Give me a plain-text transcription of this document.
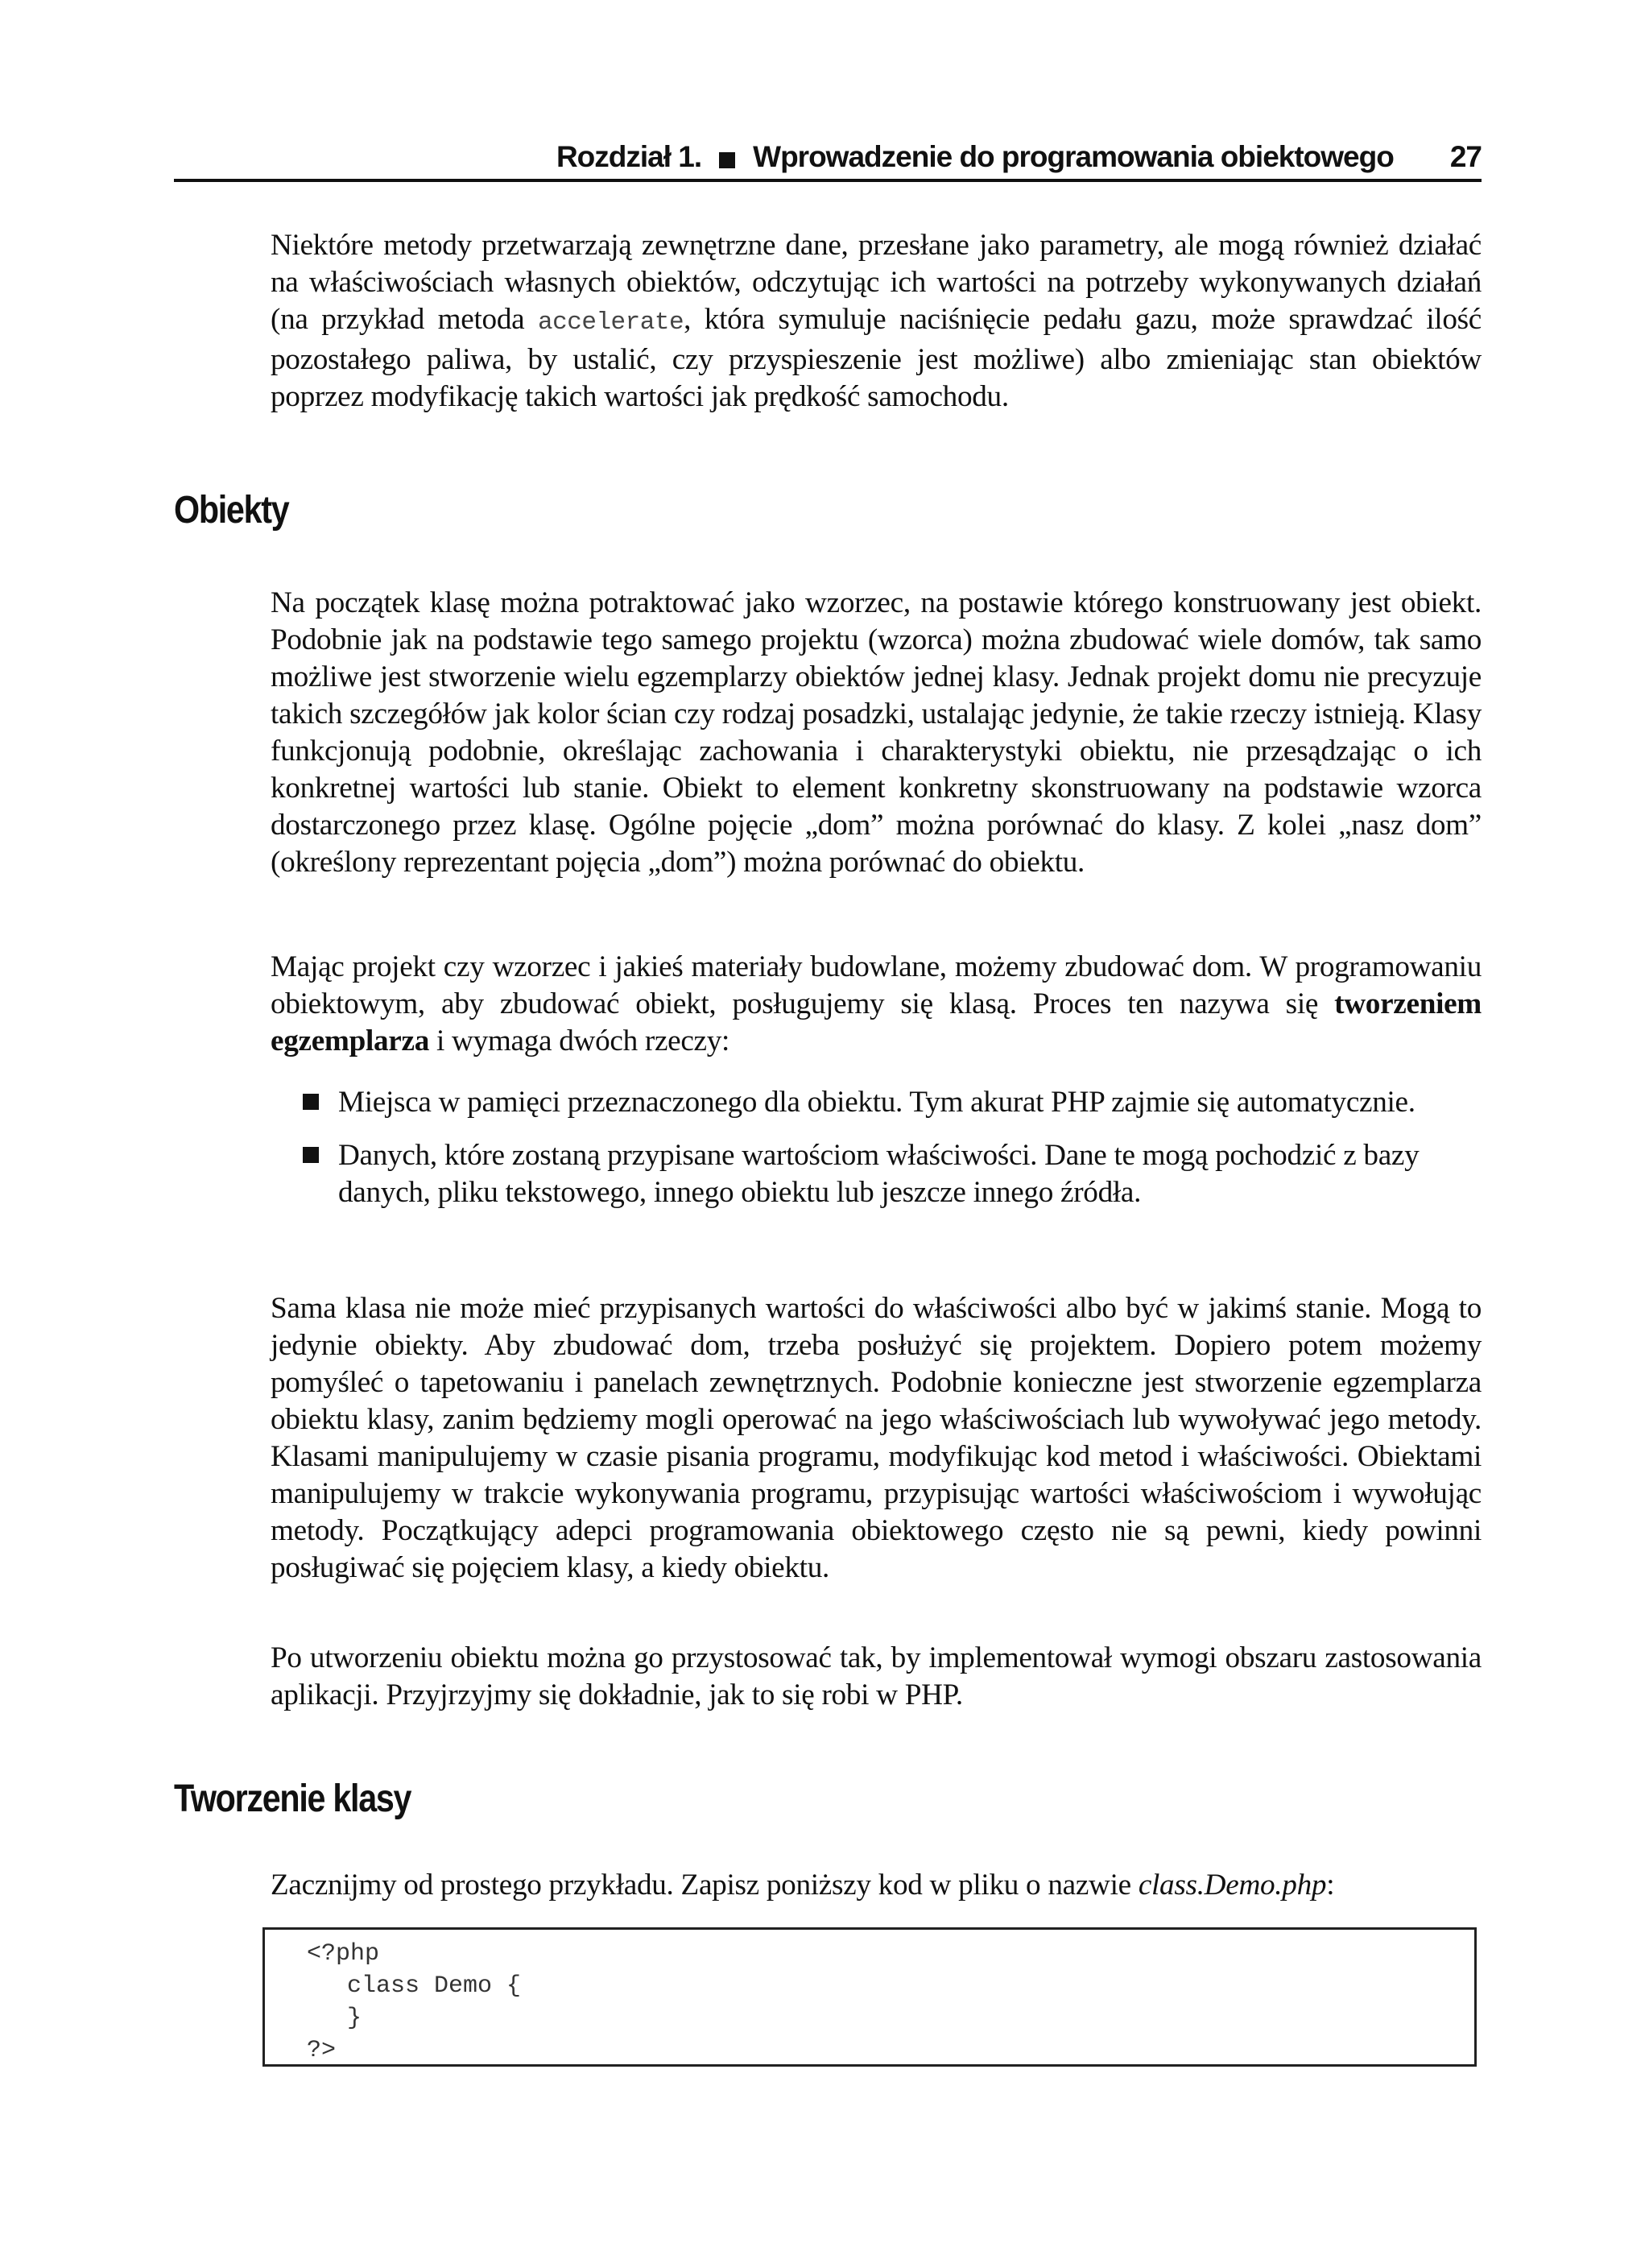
Rozdział 1. Wprowadzenie do programowania obiektowego 27

Niektóre metody przetwarzają zewnętrzne dane, przesłane jako parametry, ale mogą również działać na właściwościach własnych obiektów, odczytując ich wartości na potrzeby wykonywanych działań (na przykład metoda accelerate, która symuluje naciśnięcie pedału gazu, może sprawdzać ilość pozostałego paliwa, by ustalić, czy przyspieszenie jest możliwe) albo zmieniając stan obiektów poprzez modyfikację takich wartości jak prędkość samochodu.

Obiekty

Na początek klasę można potraktować jako wzorzec, na postawie którego konstruowany jest obiekt. Podobnie jak na podstawie tego samego projektu (wzorca) można zbudować wiele domów, tak samo możliwe jest stworzenie wielu egzemplarzy obiektów jednej klasy. Jednak projekt domu nie precyzuje takich szczegółów jak kolor ścian czy rodzaj posadzki, ustalając jedynie, że takie rzeczy istnieją. Klasy funkcjonują podobnie, określając zachowania i charakterystyki obiektu, nie przesądzając o ich konkretnej wartości lub stanie. Obiekt to element konkretny skonstruowany na podstawie wzorca dostarczonego przez klasę. Ogólne pojęcie „dom” można porównać do klasy. Z kolei „nasz dom” (określony reprezentant pojęcia „dom”) można porównać do obiektu.

Mając projekt czy wzorzec i jakieś materiały budowlane, możemy zbudować dom. W programowaniu obiektowym, aby zbudować obiekt, posługujemy się klasą. Proces ten nazywa się tworzeniem egzemplarza i wymaga dwóch rzeczy:

Miejsca w pamięci przeznaczonego dla obiektu. Tym akurat PHP zajmie się automatycznie.
Danych, które zostaną przypisane wartościom właściwości. Dane te mogą pochodzić z bazy danych, pliku tekstowego, innego obiektu lub jeszcze innego źródła.

Sama klasa nie może mieć przypisanych wartości do właściwości albo być w jakimś stanie. Mogą to jedynie obiekty. Aby zbudować dom, trzeba posłużyć się projektem. Dopiero potem możemy pomyśleć o tapetowaniu i panelach zewnętrznych. Podobnie konieczne jest stworzenie egzemplarza obiektu klasy, zanim będziemy mogli operować na jego właściwościach lub wywoływać jego metody. Klasami manipulujemy w czasie pisania programu, modyfikując kod metod i właściwości. Obiektami manipulujemy w trakcie wykonywania programu, przypisując wartości właściwościom i wywołując metody. Początkujący adepci programowania obiektowego często nie są pewni, kiedy powinni posługiwać się pojęciem klasy, a kiedy obiektu.

Po utworzeniu obiektu można go przystosować tak, by implementował wymogi obszaru zastosowania aplikacji. Przyjrzyjmy się dokładnie, jak to się robi w PHP.

Tworzenie klasy

Zacznijmy od prostego przykładu. Zapisz poniższy kod w pliku o nazwie class.Demo.php:

<?php
class Demo {
}
?>
